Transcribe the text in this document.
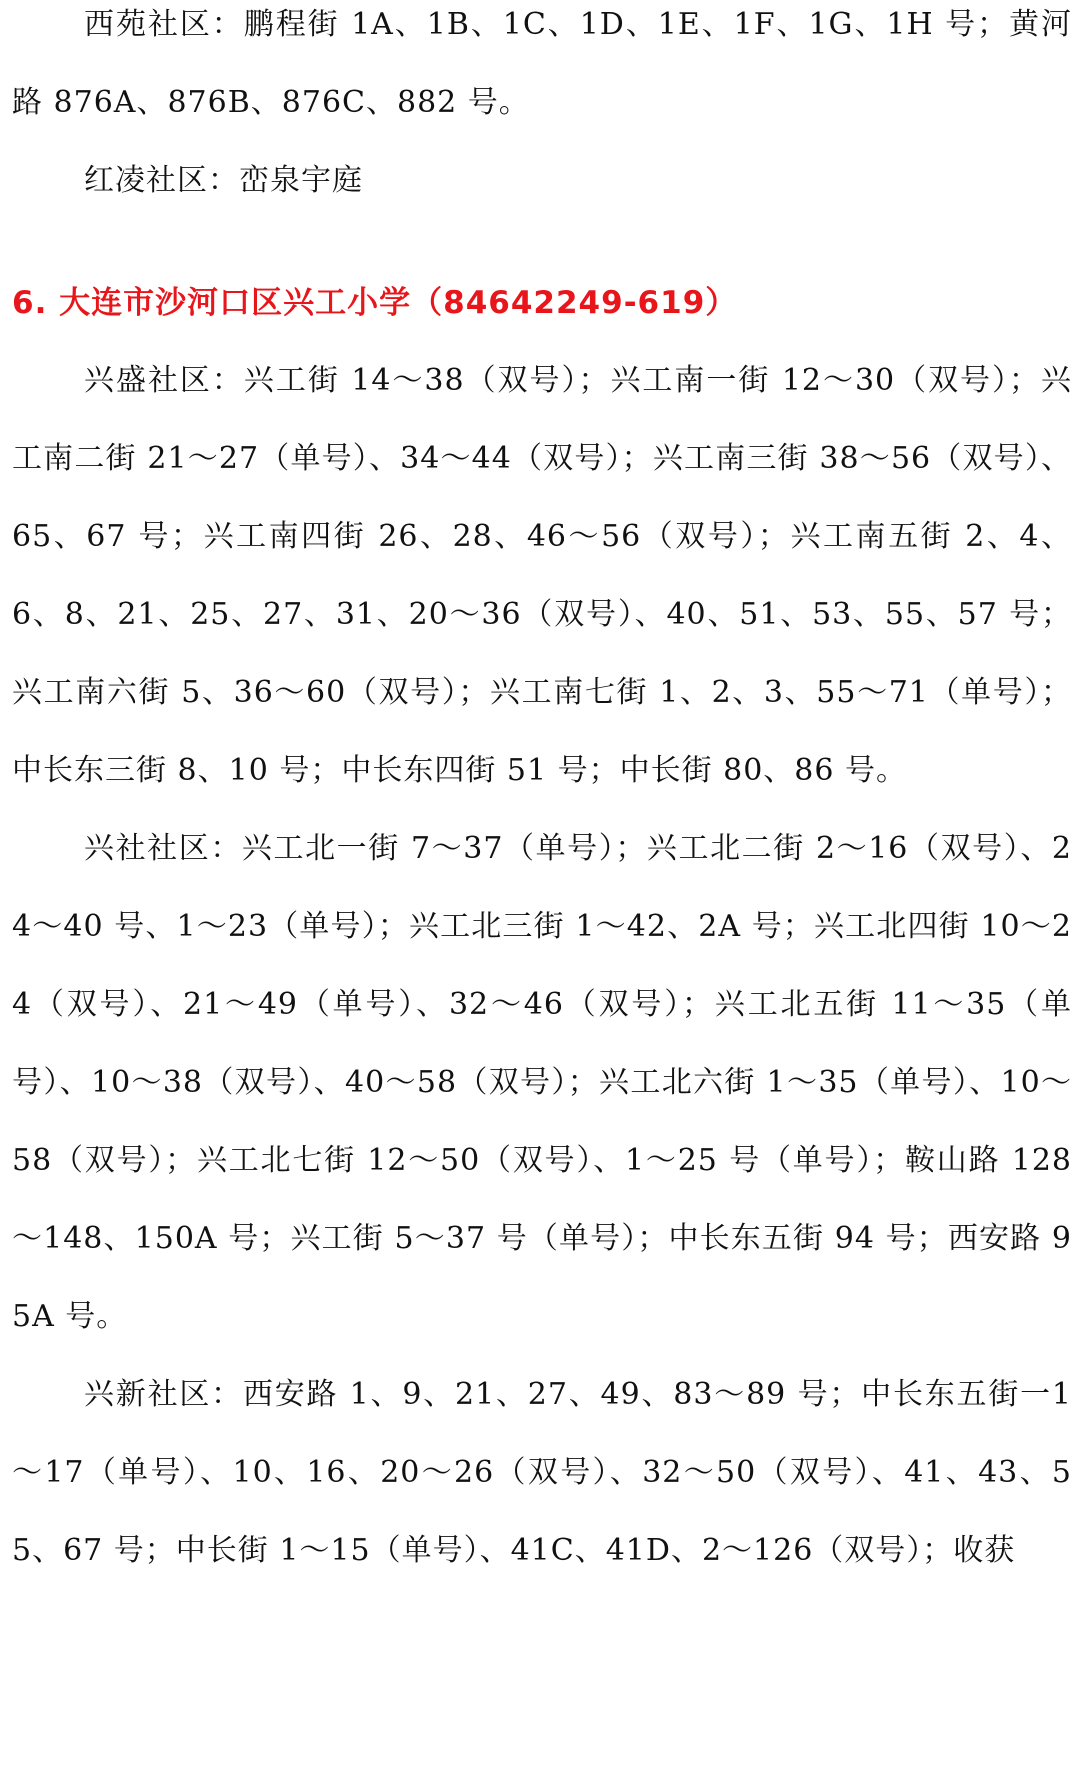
西苑社区：鹏程街 1A、1B、1C、1D、1E、1F、1G、1H 号；黄河路 876A、876B、876C、882 号。

红凌社区：峦泉宇庭

6. 大连市沙河口区兴工小学（84642249-619）

兴盛社区：兴工街 14～38（双号）；兴工南一街 12～30（双号）；兴工南二街 21～27（单号）、34～44（双号）；兴工南三街 38～56（双号）、65、67 号；兴工南四街 26、28、46～56（双号）；兴工南五街 2、4、6、8、21、25、27、31、20～36（双号）、40、51、53、55、57 号；兴工南六街 5、36～60（双号）；兴工南七街 1、2、3、55～71（单号）；中长东三街 8、10 号；中长东四街 51 号；中长街 80、86 号。

兴社社区：兴工北一街 7～37（单号）；兴工北二街 2～16（双号）、24～40 号、1～23（单号）；兴工北三街 1～42、2A 号；兴工北四街 10～24（双号）、21～49（单号）、32～46（双号）；兴工北五街 11～35（单号）、10～38（双号）、40～58（双号）；兴工北六街 1～35（单号）、10～58（双号）；兴工北七街 12～50（双号）、1～25 号（单号）；鞍山路 128～148、150A 号；兴工街 5～37 号（单号）；中长东五街 94 号；西安路 95A 号。

兴新社区：西安路 1、9、21、27、49、83～89 号；中长东五街一1～17（单号）、10、16、20～26（双号）、32～50（双号）、41、43、55、67 号；中长街 1～15（单号）、41C、41D、2～126（双号）；收获
